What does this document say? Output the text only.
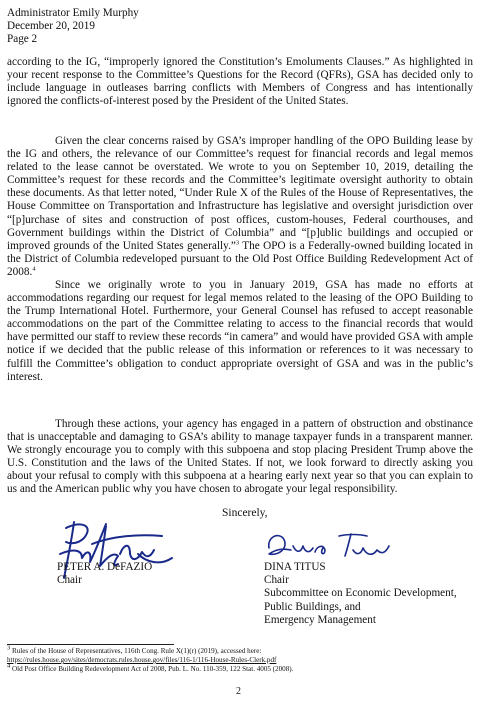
Administrator Emily Murphy
December 20, 2019
Page 2
according to the IG, “improperly ignored the Constitution’s Emoluments Clauses.” As highlighted in your recent response to the Committee’s Questions for the Record (QFRs), GSA has decided only to include language in outleases barring conflicts with Members of Congress and has intentionally ignored the conflicts-of-interest posed by the President of the United States.
Given the clear concerns raised by GSA’s improper handling of the OPO Building lease by the IG and others, the relevance of our Committee’s request for financial records and legal memos related to the lease cannot be overstated. We wrote to you on September 10, 2019, detailing the Committee’s request for these records and the Committee’s legitimate oversight authority to obtain these documents. As that letter noted, “Under Rule X of the Rules of the House of Representatives, the House Committee on Transportation and Infrastructure has legislative and oversight jurisdiction over “[p]urchase of sites and construction of post offices, custom-houses, Federal courthouses, and Government buildings within the District of Columbia” and “[p]ublic buildings and occupied or improved grounds of the United States generally.”$^3$ The OPO is a Federally-owned building located in the District of Columbia redeveloped pursuant to the Old Post Office Building Redevelopment Act of 2008.$^4$
Since we originally wrote to you in January 2019, GSA has made no efforts at accommodations regarding our request for legal memos related to the leasing of the OPO Building to the Trump International Hotel. Furthermore, your General Counsel has refused to accept reasonable accommodations on the part of the Committee relating to access to the financial records that would have permitted our staff to review these records “in camera” and would have provided GSA with ample notice if we decided that the public release of this information or references to it was necessary to fulfill the Committee’s obligation to conduct appropriate oversight of GSA and was in the public’s interest.
Through these actions, your agency has engaged in a pattern of obstruction and obstinance that is unacceptable and damaging to GSA’s ability to manage taxpayer funds in a transparent manner. We strongly encourage you to comply with this subpoena and stop placing President Trump above the U.S. Constitution and the laws of the United States. If not, we look forward to directly asking you about your refusal to comply with this subpoena at a hearing early next year so that you can explain to us and the American public why you have chosen to abrogate your legal responsibility.
Sincerely,
PETER A. DeFAZIO
Chair
DINA TITUS
Chair
Subcommittee on Economic Development,
Public Buildings, and
Emergency Management
$^3$ Rules of the House of Representatives, 116th Cong. Rule X(1)(r) (2019), accessed here:
https://rules.house.gov/sites/democrats.rules.house.gov/files/116-1/116-House-Rules-Clerk.pdf
$^4$ Old Post Office Building Redevelopment Act of 2008, Pub. L. No. 110-359, 122 Stat. 4005 (2008).
2
